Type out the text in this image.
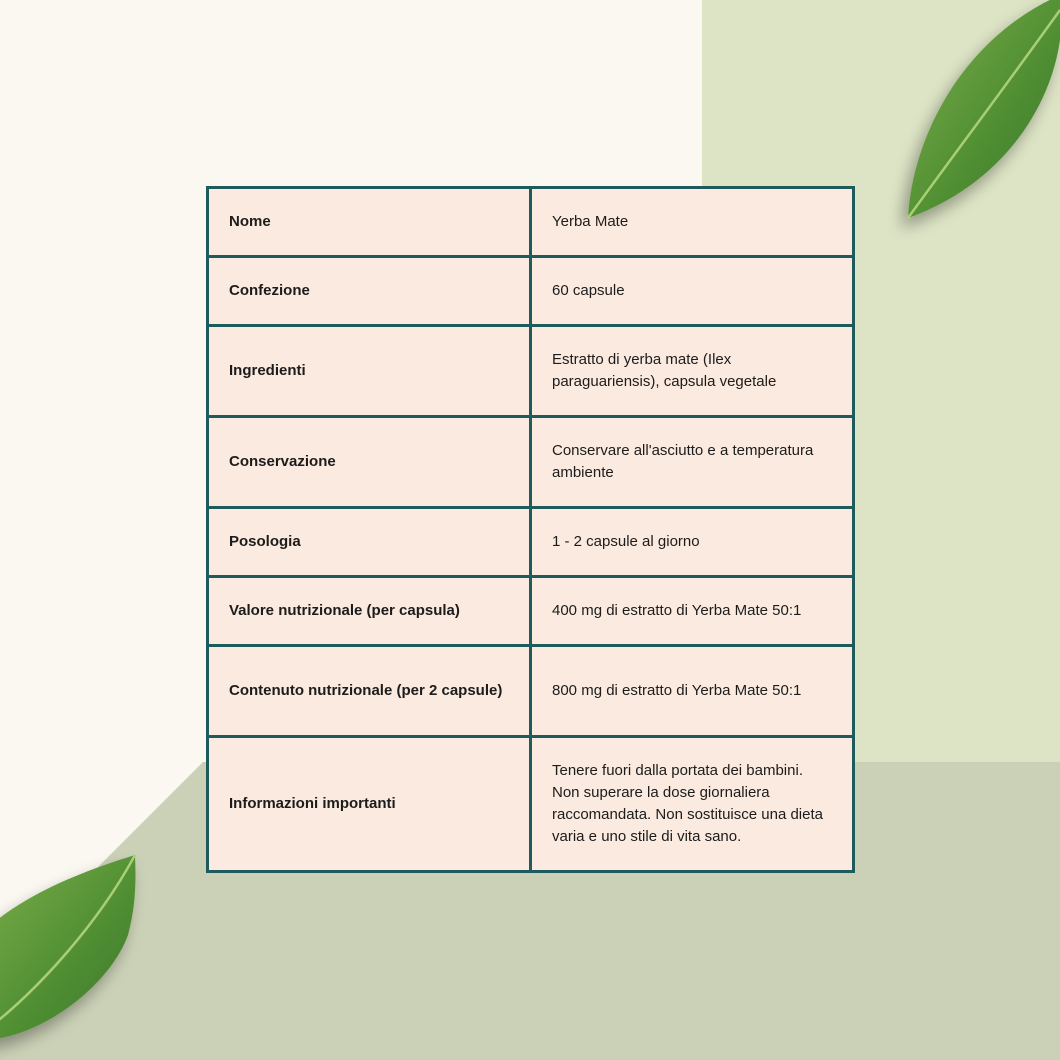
Nome	Yerba Mate
Confezione	60 capsule
Ingredienti	Estratto di yerba mate (Ilex paraguariensis), capsula vegetale
Conservazione	Conservare all'asciutto e a temperatura ambiente
Posologia	1 - 2 capsule al giorno
Valore nutrizionale (per capsula)	400 mg di estratto di Yerba Mate 50:1
Contenuto nutrizionale (per 2 capsule)	800 mg di estratto di Yerba Mate 50:1
Informazioni importanti	Tenere fuori dalla portata dei bambini. Non superare la dose giornaliera raccomandata. Non sostituisce una dieta varia e uno stile di vita sano.
